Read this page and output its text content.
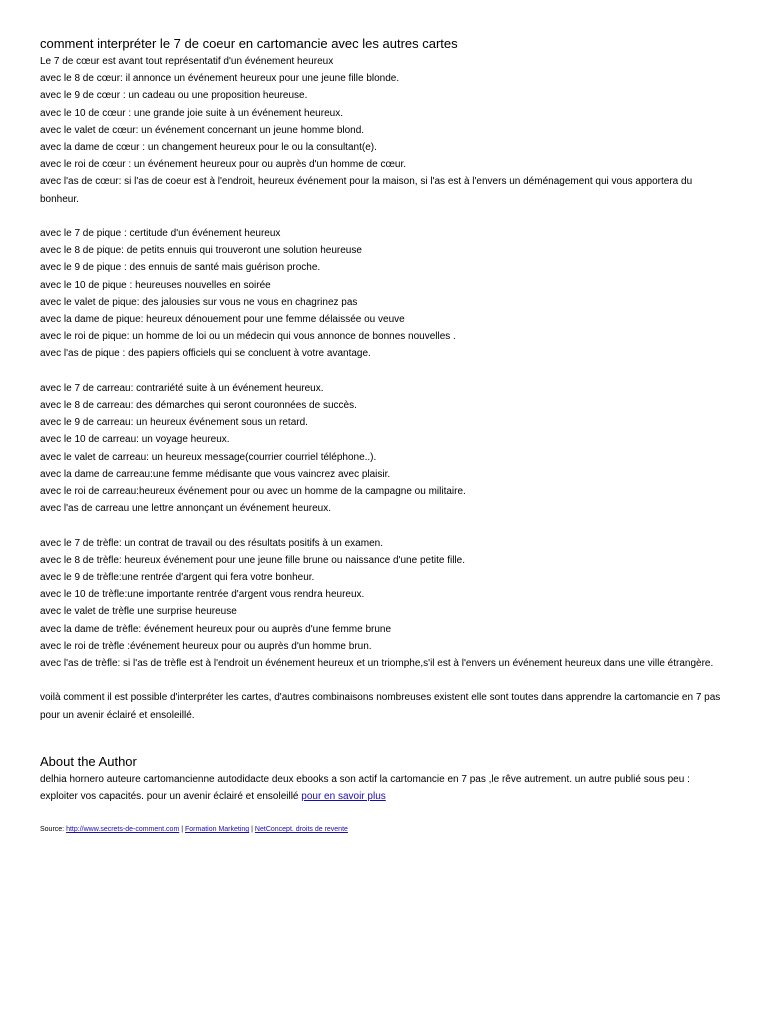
comment interpréter le 7 de coeur en cartomancie avec les autres cartes

Le 7 de cœur est avant tout représentatif d'un événement heureux

avec le 8 de cœur: il annonce un événement heureux pour une jeune fille blonde.

avec le 9 de cœur : un cadeau ou une proposition heureuse.

avec le 10 de cœur : une grande joie suite à un événement heureux.

avec le valet de cœur: un événement concernant un jeune homme blond.

avec la dame de cœur : un changement heureux pour le ou la consultant(e).

avec le roi de cœur : un événement heureux pour ou auprès d'un homme de cœur.

avec l'as de cœur: si l'as de coeur est à l'endroit, heureux événement pour la maison, si l'as est à l'envers un déménagement qui vous apportera du bonheur.

avec le 7 de pique : certitude d'un événement heureux

avec le 8 de pique: de petits ennuis qui trouveront une solution heureuse

avec le 9 de pique : des ennuis de santé mais guérison proche.

avec le 10 de pique : heureuses nouvelles en soirée

avec le valet de pique: des jalousies sur vous ne vous en chagrinez pas

avec la dame de pique: heureux dénouement pour une femme délaissée ou veuve

avec le roi de pique: un homme de loi ou un médecin qui vous annonce de bonnes nouvelles .

avec l'as de pique : des papiers officiels qui se concluent à votre avantage.

avec le 7 de carreau: contrariété suite à un événement heureux.

avec le 8 de carreau: des démarches qui seront couronnées de succès.

avec le 9 de carreau: un heureux événement sous un retard.

avec le 10 de carreau: un voyage heureux.

avec le valet de carreau: un heureux message(courrier courriel téléphone..).

avec la dame de carreau:une femme médisante que vous vaincrez avec plaisir.

avec le roi de carreau:heureux événement pour ou avec un homme de la campagne ou militaire.

avec l'as de carreau une lettre annonçant un événement heureux.

avec le 7 de trèfle: un contrat de travail ou des résultats positifs à un examen.

avec le 8 de trèfle: heureux événement pour une jeune fille brune ou naissance d'une petite fille.

avec le 9 de trèfle:une rentrée d'argent qui fera votre bonheur.

avec le 10 de trèfle:une importante rentrée d'argent vous rendra heureux.

avec le valet de trèfle une surprise heureuse

avec la dame de trèfle: événement heureux pour ou auprès d'une femme brune

avec le roi de trèfle :événement heureux pour ou auprès d'un homme brun.

avec l'as de trèfle: si l'as de trèfle est à l'endroit un événement heureux et un triomphe,s'il est à l'envers un événement heureux dans une ville étrangère.

voilà comment il est possible d'interpréter les cartes, d'autres combinaisons nombreuses existent elle sont toutes dans apprendre la cartomancie en 7 pas

pour un avenir éclairé et ensoleillé.

About the Author

delhia hornero auteure cartomancienne autodidacte deux ebooks a son actif la cartomancie en 7 pas ,le rêve autrement. un autre publié sous peu : exploiter vos capacités. pour un avenir éclairé et ensoleillé pour en savoir plus

Source: http://www.secrets-de-comment.com | Formation Marketing | NetConcept. droits de revente
